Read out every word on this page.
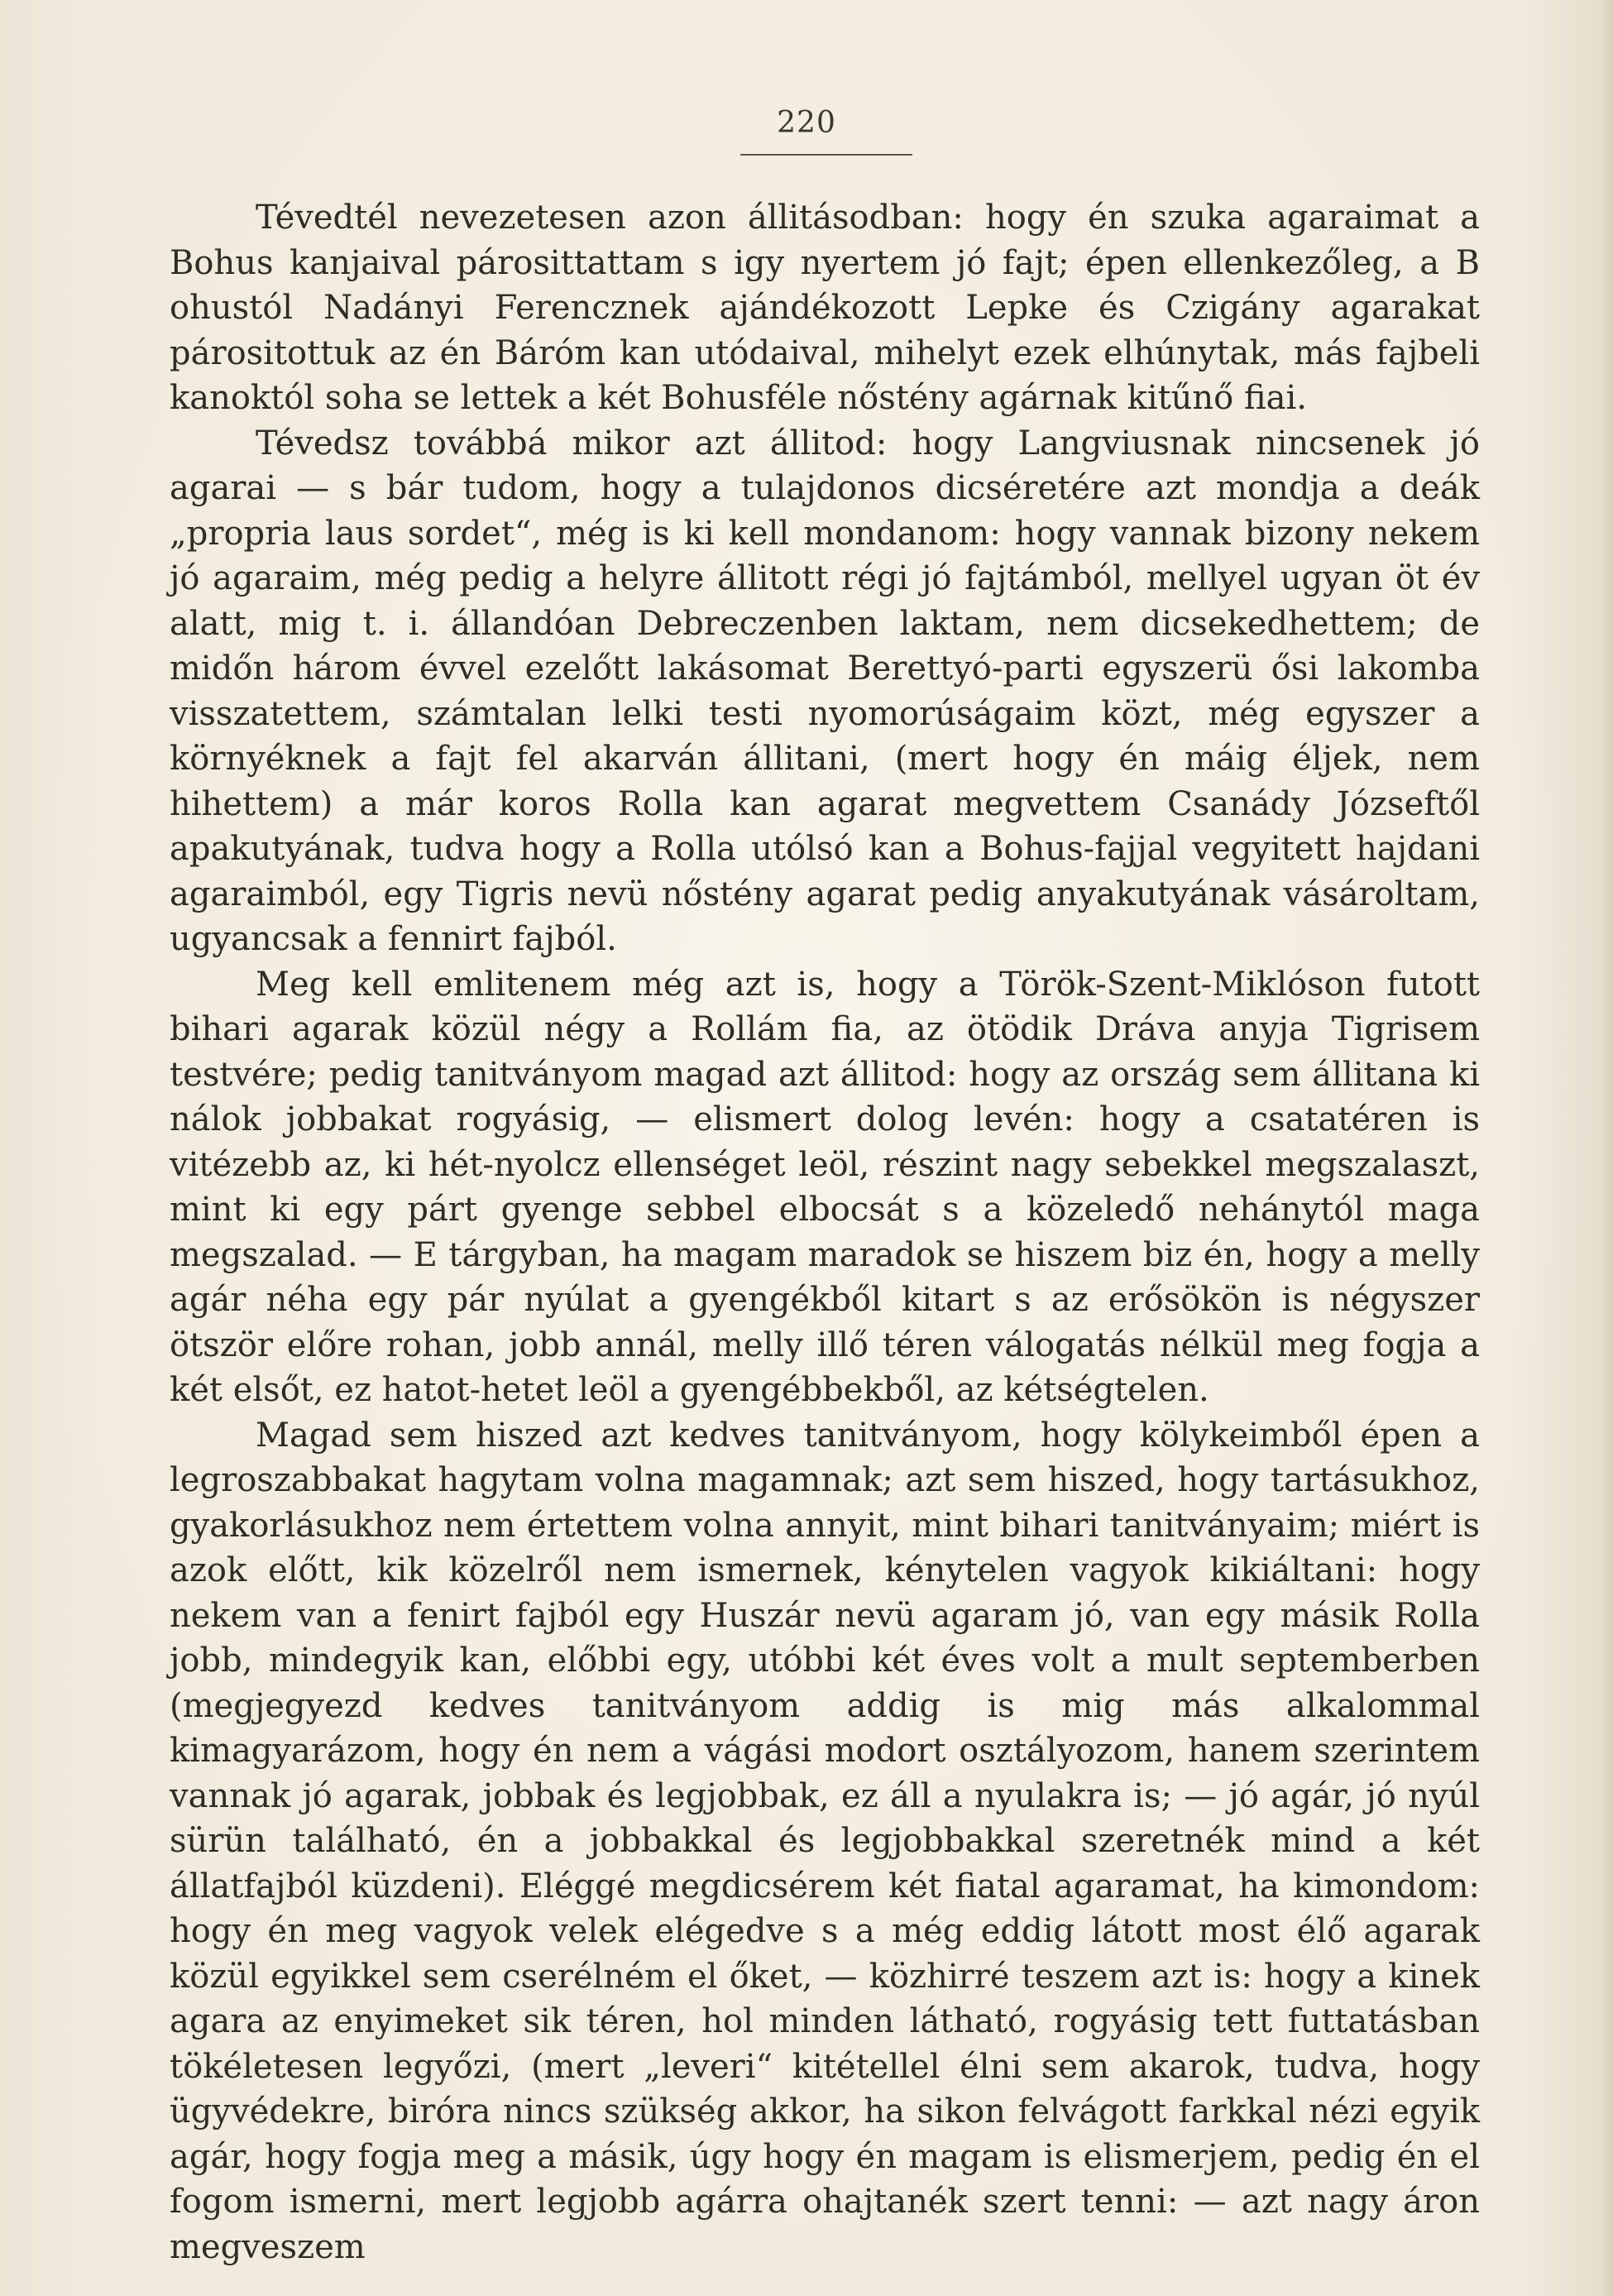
220

Tévedtél nevezetesen azon állitásodban: hogy én szuka agaraimat a Bohus kanjaival párosittattam s igy nyertem jó fajt; épen ellenkezőleg, a B ohustól Nadányi Ferencznek ajándékozott Lepke és Czigány agarakat párositottuk az én Báróm kan utódaival, mihelyt ezek elhúnytak, más fajbeli kanoktól soha se lettek a két Bohusféle nőstény agárnak kitűnő fiai.

Tévedsz továbbá mikor azt állitod: hogy Langviusnak nincsenek jó agarai — s bár tudom, hogy a tulajdonos dicséretére azt mondja a deák „propria laus sordet“, még is ki kell mondanom: hogy vannak bizony nekem jó agaraim, még pedig a helyre állitott régi jó fajtámból, mellyel ugyan öt év alatt, mig t. i. állandóan Debreczenben laktam, nem dicsekedhettem; de midőn három évvel ezelőtt lakásomat Berettyó-parti egyszerü ősi lakomba visszatettem, számtalan lelki testi nyomorúságaim közt, még egyszer a környéknek a fajt fel akarván állitani, (mert hogy én máig éljek, nem hihettem) a már koros Rolla kan agarat megvettem Csanády Józseftől apakutyának, tudva hogy a Rolla utólsó kan a Bohus-fajjal vegyitett hajdani agaraimból, egy Tigris nevü nőstény agarat pedig anyakutyának vásároltam, ugyancsak a fennirt fajból.

Meg kell emlitenem még azt is, hogy a Török-Szent-Miklóson futott bihari agarak közül négy a Rollám fia, az ötödik Dráva anyja Tigrisem testvére; pedig tanitványom magad azt állitod: hogy az ország sem állitana ki nálok jobbakat rogyásig, — elismert dolog levén: hogy a csatatéren is vitézebb az, ki hét-nyolcz ellenséget leöl, részint nagy sebekkel megszalaszt, mint ki egy párt gyenge sebbel elbocsát s a közeledő nehánytól maga megszalad. — E tárgyban, ha magam maradok se hiszem biz én, hogy a melly agár néha egy pár nyúlat a gyengékből kitart s az erősökön is négyszer ötször előre rohan, jobb annál, melly illő téren válogatás nélkül meg fogja a két elsőt, ez hatot-hetet leöl a gyengébbekből, az kétségtelen.

Magad sem hiszed azt kedves tanitványom, hogy kölykeimből épen a legroszabbakat hagytam volna magamnak; azt sem hiszed, hogy tartásukhoz, gyakorlásukhoz nem értettem volna annyit, mint bihari tanitványaim; miért is azok előtt, kik közelről nem ismernek, kénytelen vagyok kikiáltani: hogy nekem van a fenirt fajból egy Huszár nevü agaram jó, van egy másik Rolla jobb, mindegyik kan, előbbi egy, utóbbi két éves volt a mult septemberben (megjegyezd kedves tanitványom addig is mig más alkalommal kimagyarázom, hogy én nem a vágási modort osztályozom, hanem szerintem vannak jó agarak, jobbak és legjobbak, ez áll a nyulakra is; — jó agár, jó nyúl sürün található, én a jobbakkal és legjobbakkal szeretnék mind a két állatfajból küzdeni). Eléggé megdicsérem két fiatal agaramat, ha kimondom: hogy én meg vagyok velek elégedve s a még eddig látott most élő agarak közül egyikkel sem cserélném el őket, — közhirré teszem azt is: hogy a kinek agara az enyimeket sik téren, hol minden látható, rogyásig tett futtatásban tökéletesen legyőzi, (mert „leveri“ kitétellel élni sem akarok, tudva, hogy ügyvédekre, biróra nincs szükség akkor, ha sikon felvágott farkkal nézi egyik agár, hogy fogja meg a másik, úgy hogy én magam is elismerjem, pedig én el fogom ismerni, mert legjobb agárra ohajtanék szert tenni: — azt nagy áron megveszem
